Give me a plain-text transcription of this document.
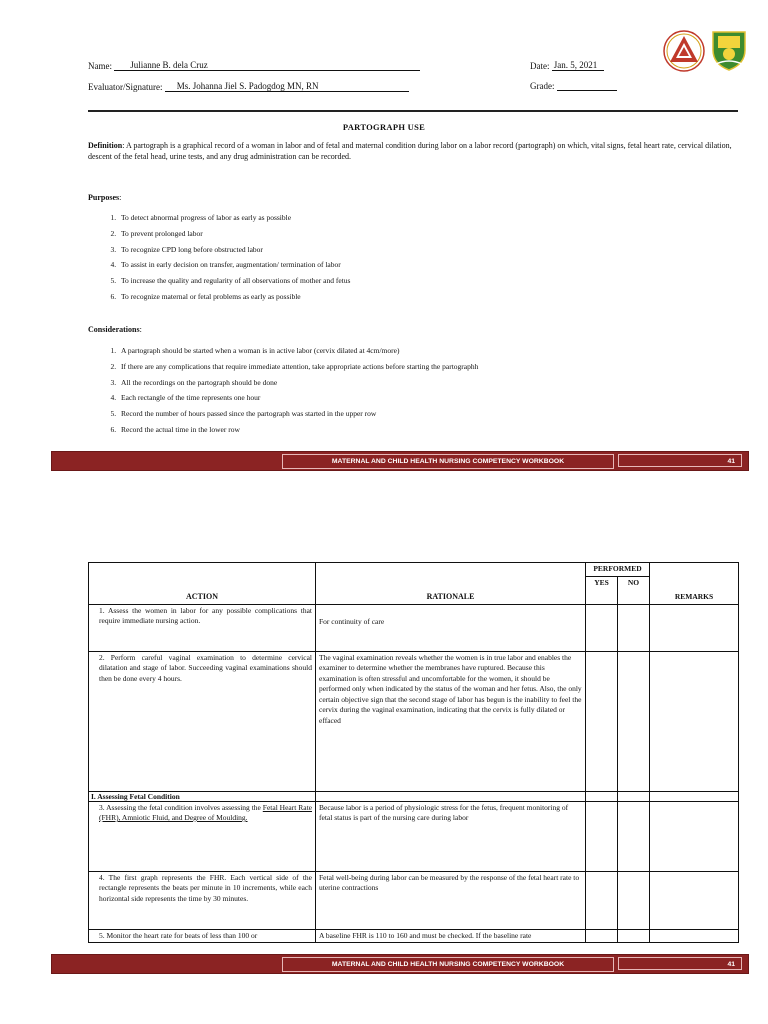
Name: Julianne B. dela Cruz	Date: Jan. 5, 2021
Evaluator/Signature: Ms. Johanna Jiel S. Padogdog MN, RN	Grade:
PARTOGRAPH USE
Definition: A partograph is a graphical record of a woman in labor and of fetal and maternal condition during labor on a labor record (partograph) on which, vital signs, fetal heart rate, cervical dilation, descent of the fetal head, urine tests, and any drug administration can be recorded.
Purposes:
1. To detect abnormal progress of labor as early as possible
2. To prevent prolonged labor
3. To recognize CPD long before obstructed labor
4. To assist in early decision on transfer, augmentation/ termination of labor
5. To increase the quality and regularity of all observations of mother and fetus
6. To recognize maternal or fetal problems as early as possible
Considerations:
1. A partograph should be started when a woman is in active labor (cervix dilated at 4cm/more)
2. If there are any complications that require immediate attention, take appropriate actions before starting the partographh
3. All the recordings on the partograph should be done
4. Each rectangle of the time represents one hour
5. Record the number of hours passed since the partograph was started in the upper row
6. Record the actual time in the lower row
MATERNAL AND CHILD HEALTH NURSING COMPETENCY WORKBOOK	41
ACTION	RATIONALE	PERFORMED		REMARKS
		YES	NO	

1. Assess the women in labor for any possible complications that require immediate nursing action.	For continuity of care			
2. Perform careful vaginal examination to determine cervical dilatation and stage of labor. Succeeding vaginal examinations should then be done every 4 hours.	The vaginal examination reveals whether the women is in true labor and enables the examiner to determine whether the membranes have ruptured. Because this examination is often stressful and uncomfortable for the women, it should be performed only when indicated by the status of the woman and her fetus. Also, the only certain objective sign that the second stage of labor has begun is the inability to feel the cervix during the vaginal examination, indicating that the cervix is fully dilated or effaced			
I. Assessing Fetal Condition				
3. Assessing the fetal condition involves assessing the Fetal Heart Rate (FHR), Amniotic Fluid, and Degree of Moulding.	Because labor is a period of physiologic stress for the fetus, frequent monitoring of fetal status is part of the nursing care during labor			
4. The first graph represents the FHR. Each vertical side of the rectangle represents the beats per minute in 10 increments, while each horizontal side represents the time by 30 minutes.	Fetal well-being during labor can be measured by the response of the fetal heart rate to uterine contractions			
5. Monitor the heart rate for beats of less than 100 or	A baseline FHR is 110 to 160 and must be checked. If the baseline rate			
MATERNAL AND CHILD HEALTH NURSING COMPETENCY WORKBOOK	41
